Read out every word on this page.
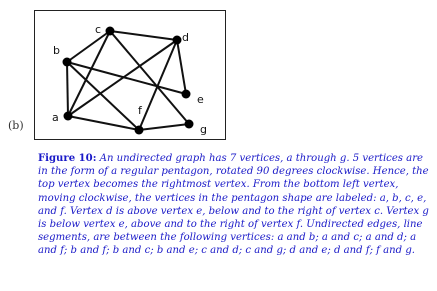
(b)
a
b
c
d
e
f
g
Figure 10: An undirected graph has 7 vertices, a through g. 5 vertices are in the form of a regular pentagon, rotated 90 degrees clockwise. Hence, the top vertex becomes the rightmost vertex. From the bottom left vertex, moving clockwise, the vertices in the pentagon shape are labeled: a, b, c, e, and f. Vertex d is above vertex e, below and to the right of vertex c. Vertex g is below vertex e, above and to the right of vertex f. Undirected edges, line segments, are between the following vertices: a and b; a and c; a and d; a and f; b and f; b and c; b and e; c and d; c and g; d and e; d and f; f and g.
